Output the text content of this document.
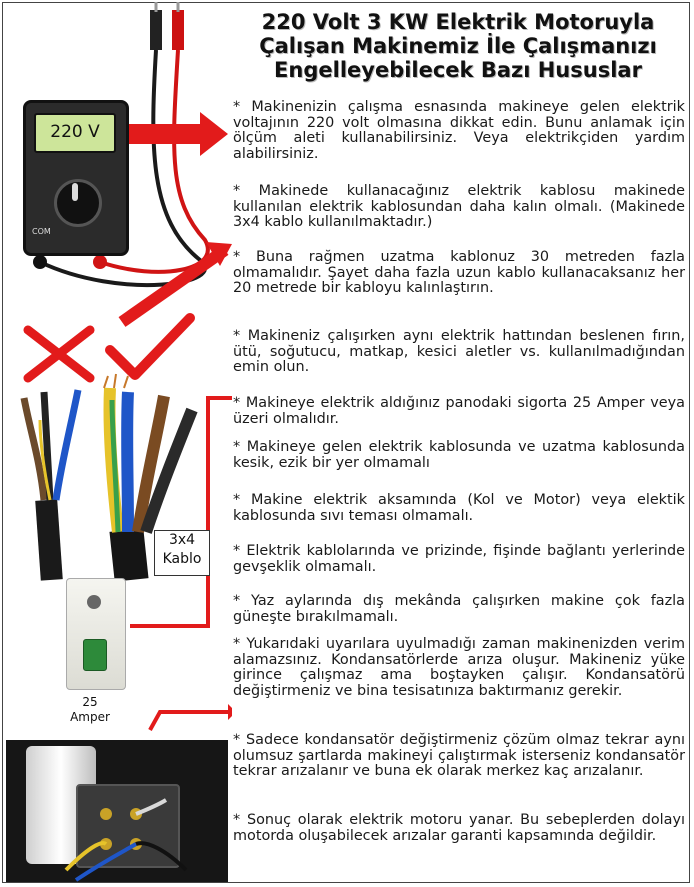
220 Volt 3 KW Elektrik Motoruyla
Çalışan Makinemiz İle Çalışmanızı
Engelleyebilecek Bazı Hususlar
220 V
COM
3x4
Kablo
25
Amper
* Makinenizin çalışma esnasında makineye gelen elektrik voltajının 220 volt olmasına dikkat edin. Bunu anlamak için ölçüm aleti kullanabilirsiniz. Veya elektrikçiden yardım alabilirsiniz.
* Makinede kullanacağınız elektrik kablosu makinede kullanılan elektrik kablosundan daha kalın olmalı. (Makinede 3x4 kablo kullanılmaktadır.)
* Buna rağmen uzatma kablonuz 30 metreden fazla olmamalıdır. Şayet daha fazla uzun kablo kullanacaksanız her 20 metrede bir kabloyu kalınlaştırın.
* Makineniz çalışırken aynı elektrik hattından beslenen fırın, ütü, soğutucu, matkap, kesici aletler vs. kullanılmadığından emin olun.
* Makineye elektrik aldığınız panodaki sigorta 25 Amper veya üzeri olmalıdır.
* Makineye gelen elektrik kablosunda ve uzatma kablosunda kesik, ezik bir yer olmamalı
* Makine elektrik aksamında (Kol ve Motor) veya elektik kablosunda sıvı teması olmamalı.
* Elektrik kablolarında ve prizinde, fişinde bağlantı yerlerinde gevşeklik olmamalı.
* Yaz aylarında dış mekânda çalışırken makine çok fazla güneşte bırakılmamalı.
* Yukarıdaki uyarılara uyulmadığı zaman makinenizden verim alamazsınız. Kondansatörlerde arıza oluşur. Makineniz yüke girince çalışmaz ama boştayken çalışır. Kondansatörü değiştirmeniz ve bina tesisatınıza baktırmanız gerekir.
* Sadece kondansatör değiştirmeniz çözüm olmaz tekrar aynı olumsuz şartlarda makineyi çalıştırmak isterseniz kondansatör tekrar arızalanır ve buna ek olarak merkez kaç arızalanır.
* Sonuç olarak elektrik motoru yanar. Bu sebeplerden dolayı motorda oluşabilecek arızalar garanti kapsamında değildir.
